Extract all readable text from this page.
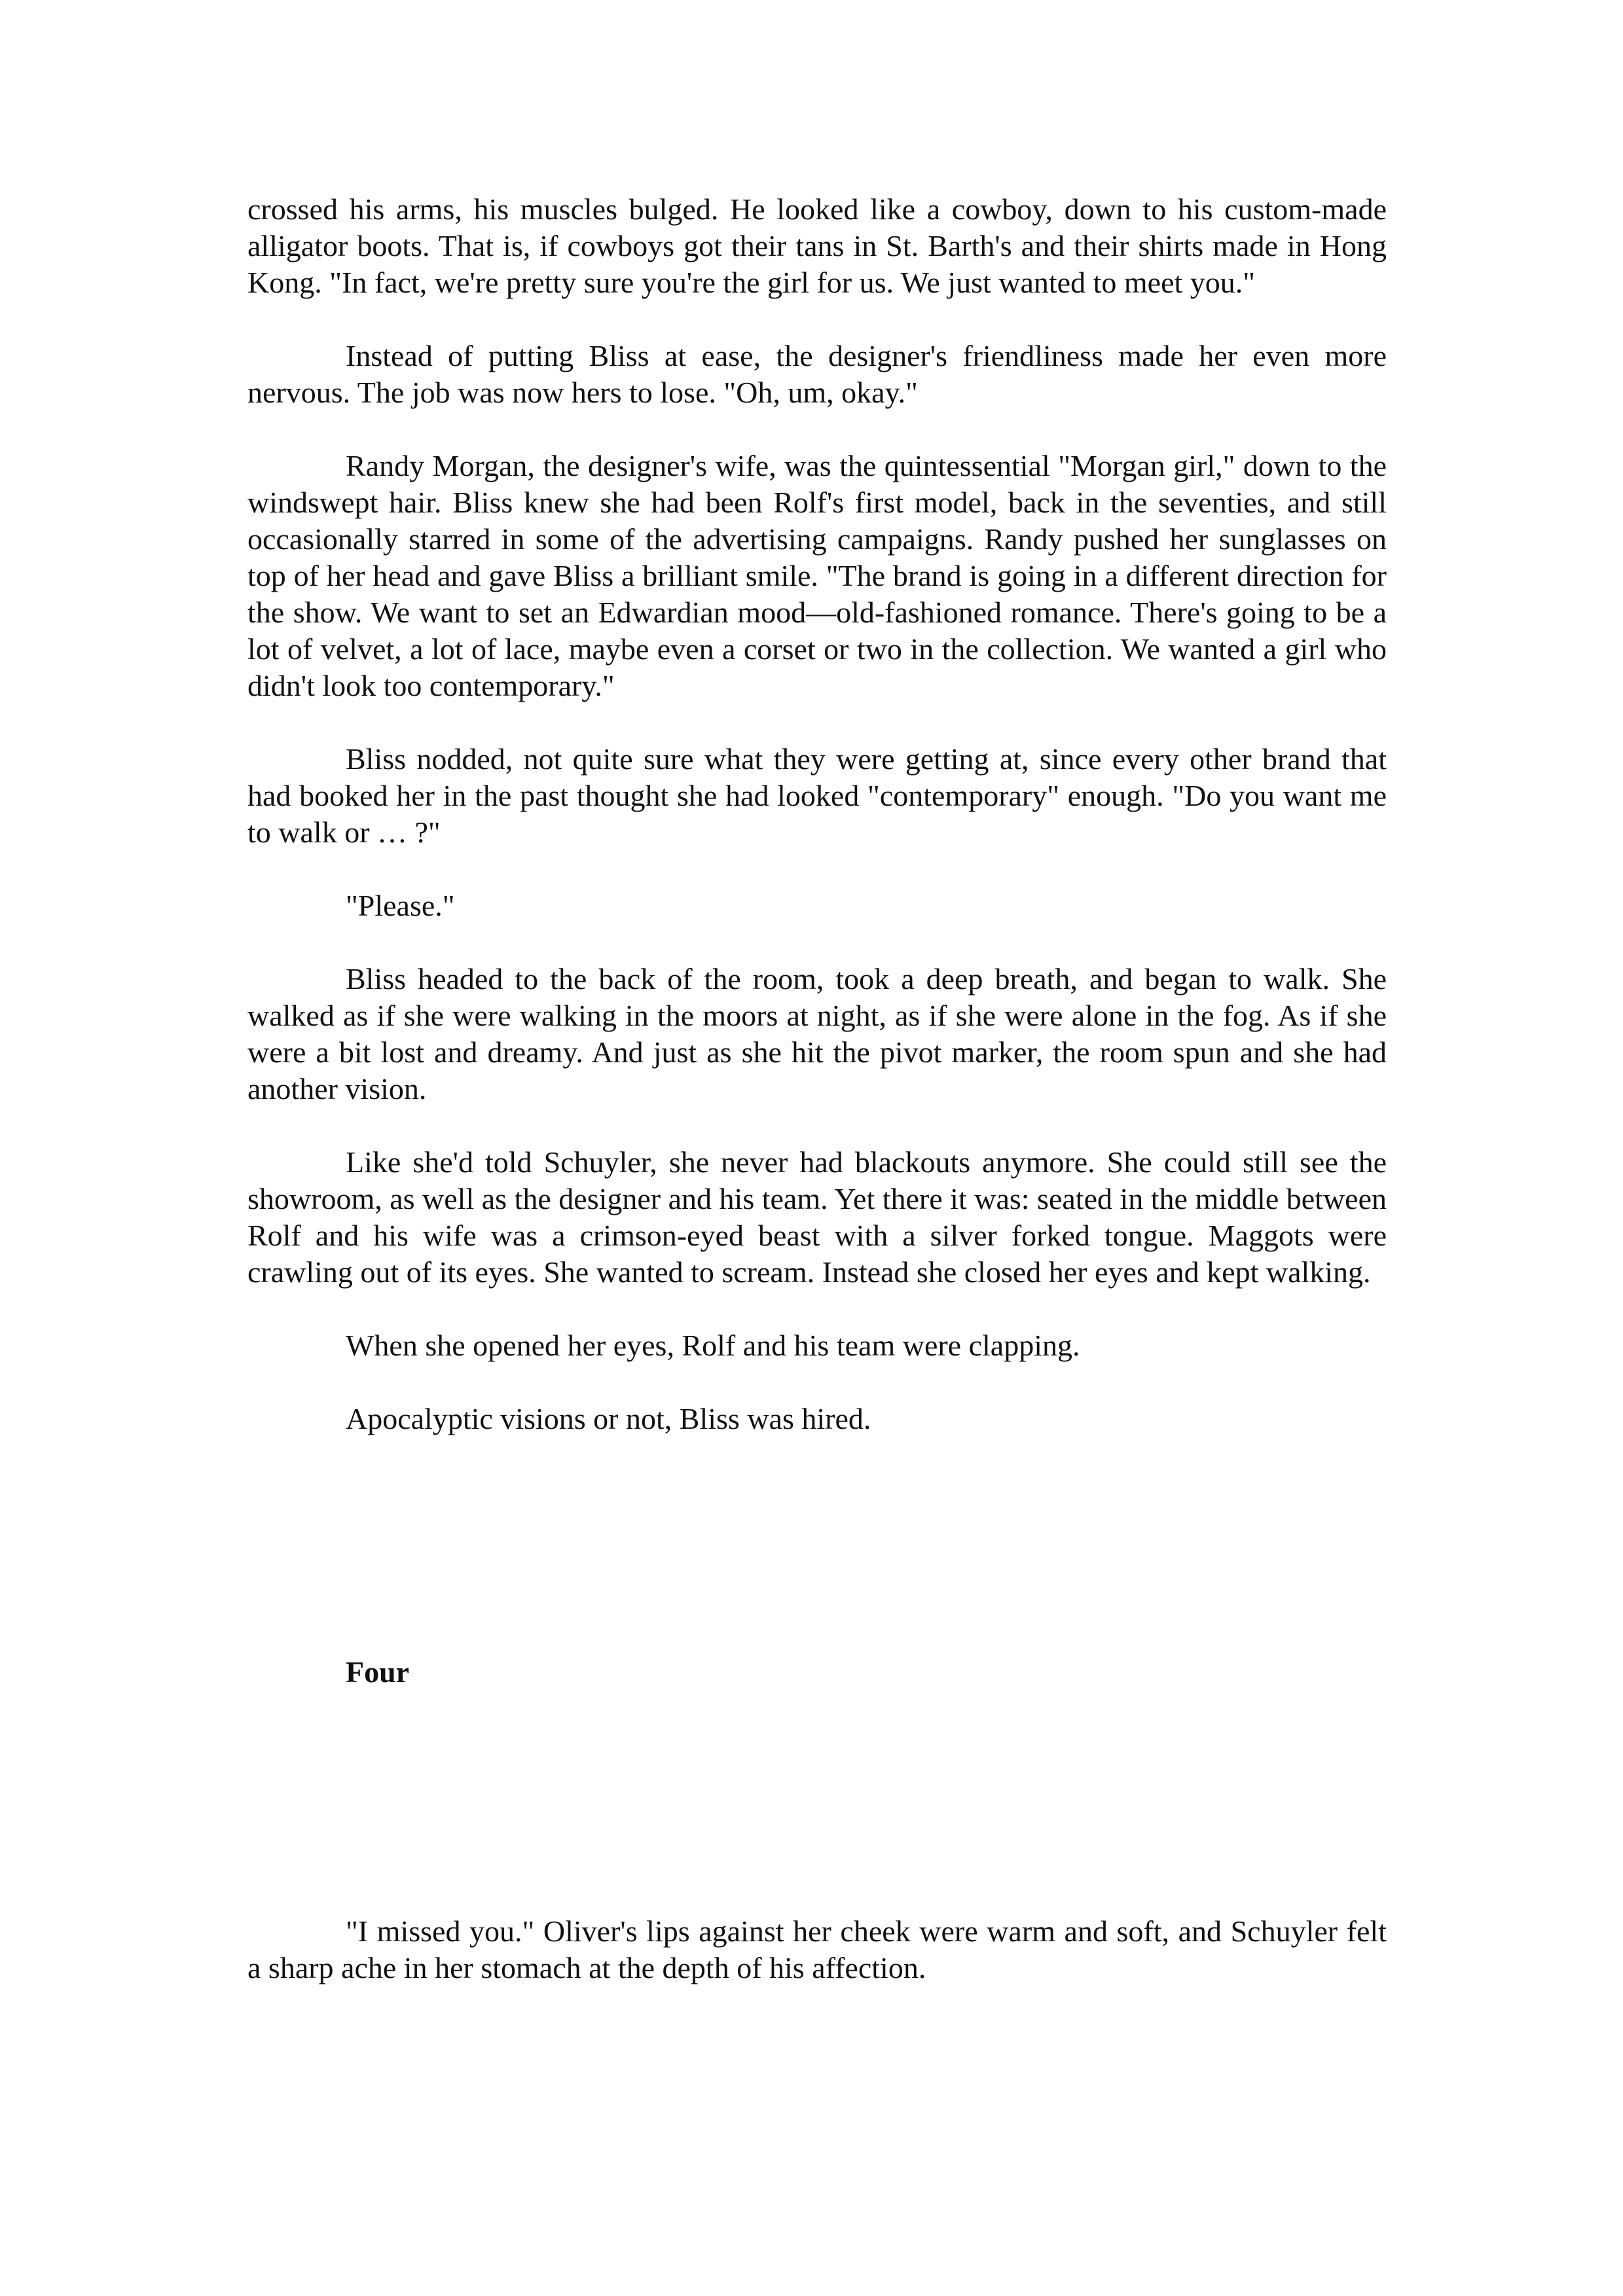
crossed his arms, his muscles bulged. He looked like a cowboy, down to his custom-made alligator boots. That is, if cowboys got their tans in St. Barth's and their shirts made in Hong Kong. "In fact, we're pretty sure you're the girl for us. We just wanted to meet you."

Instead of putting Bliss at ease, the designer's friendliness made her even more nervous. The job was now hers to lose. "Oh, um, okay."

Randy Morgan, the designer's wife, was the quintessential "Morgan girl," down to the windswept hair. Bliss knew she had been Rolf's first model, back in the seventies, and still occasionally starred in some of the advertising campaigns. Randy pushed her sunglasses on top of her head and gave Bliss a brilliant smile. "The brand is going in a different direction for the show. We want to set an Edwardian mood—old-fashioned romance. There's going to be a lot of velvet, a lot of lace, maybe even a corset or two in the collection. We wanted a girl who didn't look too contemporary."

Bliss nodded, not quite sure what they were getting at, since every other brand that had booked her in the past thought she had looked "contemporary" enough. "Do you want me to walk or … ?"

"Please."

Bliss headed to the back of the room, took a deep breath, and began to walk. She walked as if she were walking in the moors at night, as if she were alone in the fog. As if she were a bit lost and dreamy. And just as she hit the pivot marker, the room spun and she had another vision.

Like she'd told Schuyler, she never had blackouts anymore. She could still see the showroom, as well as the designer and his team. Yet there it was: seated in the middle between Rolf and his wife was a crimson-eyed beast with a silver forked tongue. Maggots were crawling out of its eyes. She wanted to scream. Instead she closed her eyes and kept walking.

When she opened her eyes, Rolf and his team were clapping.

Apocalyptic visions or not, Bliss was hired.

Four

"I missed you." Oliver's lips against her cheek were warm and soft, and Schuyler felt a sharp ache in her stomach at the depth of his affection.
